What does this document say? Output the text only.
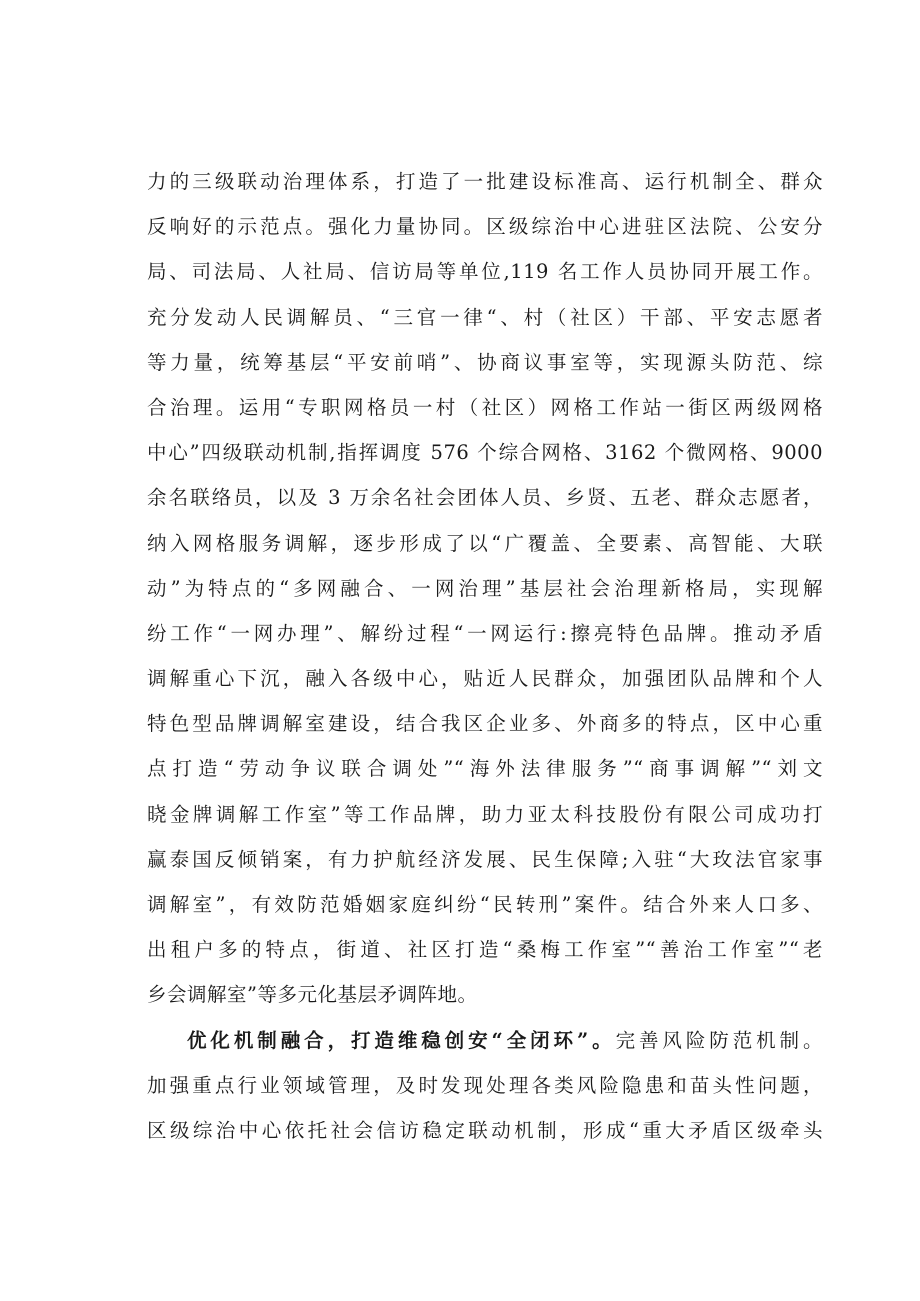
力的三级联动治理体系，打造了一批建设标准高、运行机制全、群众
反响好的示范点。强化力量协同。区级综治中心进驻区法院、公安分
局、司法局、人社局、信访局等单位,119 名工作人员协同开展工作。
充分发动人民调解员、“三官一律“、村（社区）干部、平安志愿者
等力量，统筹基层“平安前哨”、协商议事室等，实现源头防范、综
合治理。运用“专职网格员一村（社区）网格工作站一街区两级网格
中心”四级联动机制,指挥调度 576 个综合网格、3162 个微网格、9000
余名联络员，以及 3 万余名社会团体人员、乡贤、五老、群众志愿者，
纳入网格服务调解，逐步形成了以“广覆盖、全要素、高智能、大联
动”为特点的“多网融合、一网治理”基层社会治理新格局，实现解
纷工作“一网办理”、解纷过程“一网运行:擦亮特色品牌。推动矛盾
调解重心下沉，融入各级中心，贴近人民群众，加强团队品牌和个人
特色型品牌调解室建设，结合我区企业多、外商多的特点，区中心重
点打造“劳动争议联合调处”“海外法律服务”“商事调解”“刘文
晓金牌调解工作室”等工作品牌，助力亚太科技股份有限公司成功打
赢泰国反倾销案，有力护航经济发展、民生保障;入驻“大玫法官家事
调解室”，有效防范婚姻家庭纠纷“民转刑”案件。结合外来人口多、
出租户多的特点，街道、社区打造“桑梅工作室”“善治工作室”“老
乡会调解室”等多元化基层矛调阵地。
优化机制融合，打造维稳创安“全闭环”。完善风险防范机制。
加强重点行业领域管理，及时发现处理各类风险隐患和苗头性问题，
区级综治中心依托社会信访稳定联动机制，形成“重大矛盾区级牵头
